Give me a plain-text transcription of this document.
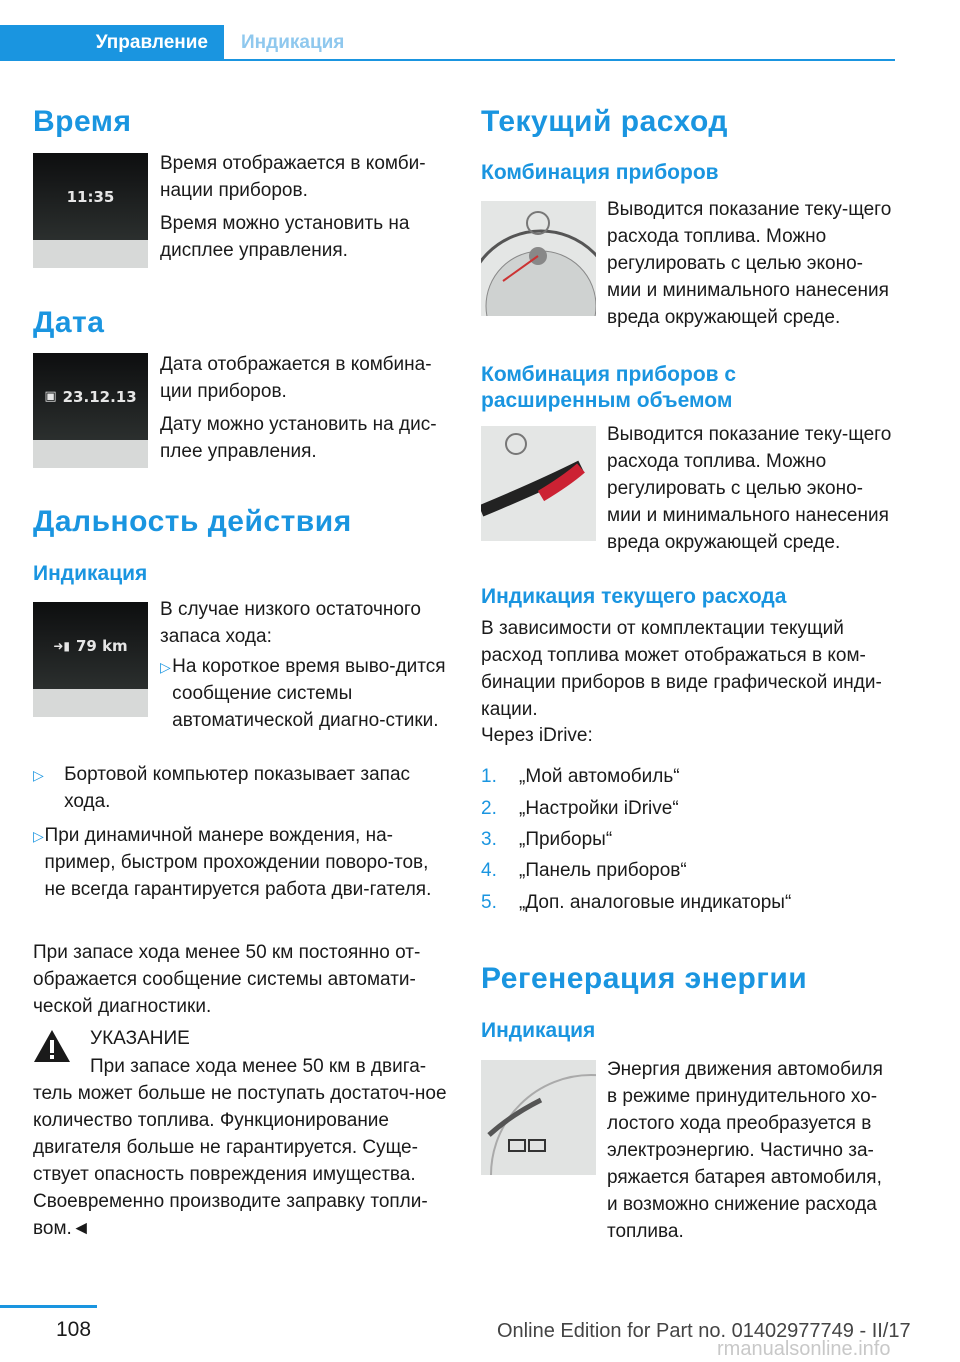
Управление	Индикация
Время
11:35

Время отображается в комби-нации приборов.

Время можно установить на дисплее управления.

Дата
▣ 23.12.13

Дата отображается в комбина-ции приборов.

Дату можно установить на дис-плее управления.

Дальность действия
Индикация
➜▮ 79 km
В случае низкого остаточного запаса хода:
▷ На короткое время выво-дится сообщение системы автоматической диагно-стики.
▷	Бортовой компьютер показывает запас хода.
▷ При динамичной манере вождения, на-пример, быстром прохождении поворо-тов, не всегда гарантируется работа дви-гателя.
При запасе хода менее 50 км постоянно от-ображается сообщение системы автомати-ческой диагностики.
УКАЗАНИЕ
При запасе хода менее 50 км в двига-тель может больше не поступать достаточ-ное количество топлива. Функционирование двигателя больше не гарантируется. Суще-ствует опасность повреждения имущества. Своевременно производите заправку топли-вом.◄
Текущий расход
Комбинация приборов
Выводится показание теку-щего расхода топлива. Можно регулировать с целью эконо-мии и минимального нанесения вреда окружающей среде.
Комбинация приборов с расширенным объемом
Выводится показание теку-щего расхода топлива. Можно регулировать с целью эконо-мии и минимального нанесения вреда окружающей среде.
Индикация текущего расхода
В зависимости от комплектации текущий расход топлива может отображаться в ком-бинации приборов в виде графической инди-кации.
Через iDrive:
1.	„Мой автомобиль“
2.	„Настройки iDrive“
3.	„Приборы“
4.	„Панель приборов“
5.	„Доп. аналоговые индикаторы“
Регенерация энергии
Индикация
Энергия движения автомобиля в режиме принудительного хо-лостого хода преобразуется в электроэнергию. Частично за-ряжается батарея автомобиля, и возможно снижение расхода топлива.
108	Online Edition for Part no. 01402977749 - II/17
rmanualsonline.info
